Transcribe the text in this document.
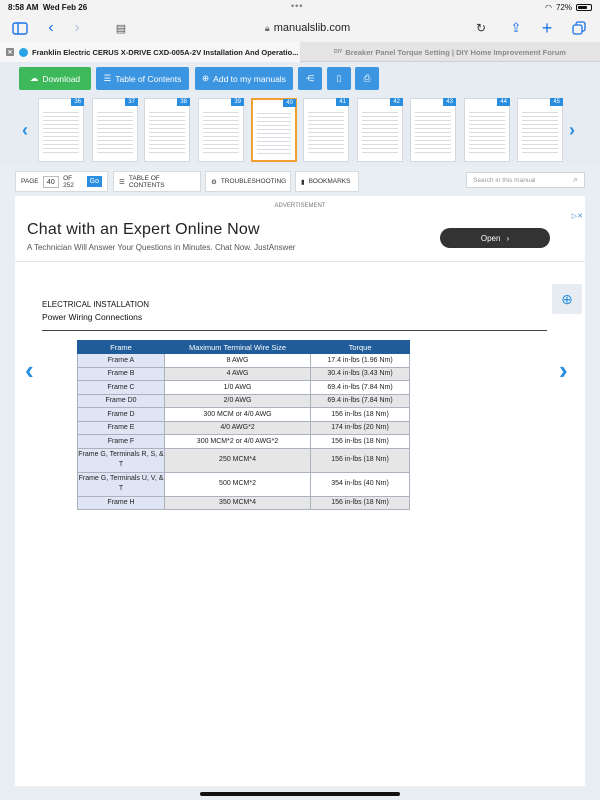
8:58 AM Wed Feb 26	•••	◠ 72%
‹	›	▤	🔒︎ manualslib.com	↻ ⇪ +
✕	Franklin Electric CERUS X-DRIVE CXD-005A-2V Installation And Operatio...	DIY Breaker Panel Torque Setting | DIY Home Improvement Forum
☁ Download	☰ Table of Contents ⊕ Add to my manuals ⋲	▯	⎙
‹
36	37	38	39	40	41	42	43	44	45
›
PAGE	40
OF 252	Go	☰
TABLE OF CONTENTS	⚙ TROUBLESHOOTING ▮ BOOKMARKS	Search in this manual	⌕
ADVERTISEMENT
Chat with an Expert Online Now
A Technician Will Answer Your Questions in Minutes. Chat Now. JustAnswer
Open ›
▷✕
⊕
ELECTRICAL INSTALLATION
Power Wiring Connections
Frame	Maximum Terminal Wire Size	Torque
Frame A	8 AWG	17.4 in-lbs (1.96 Nm)
Frame B	4 AWG	30.4 in-lbs (3.43 Nm)
Frame C	1/0 AWG	69.4 in-lbs (7.84 Nm)
Frame D0	2/0 AWG	69.4 in-lbs (7.84 Nm)
Frame D	300 MCM or 4/0 AWG	156 in-lbs (18 Nm)
Frame E	4/0 AWG*2	174 in-lbs (20 Nm)
Frame F	300 MCM*2 or 4/0 AWG*2	156 in-lbs (18 Nm)
Frame G, Terminals R, S, & T	250 MCM*4	156 in-lbs (18 Nm)
Frame G, Terminals U, V, & T	500 MCM*2	354 in-lbs (40 Nm)
Frame H	350 MCM*4	156 in-lbs (18 Nm)
‹	›
